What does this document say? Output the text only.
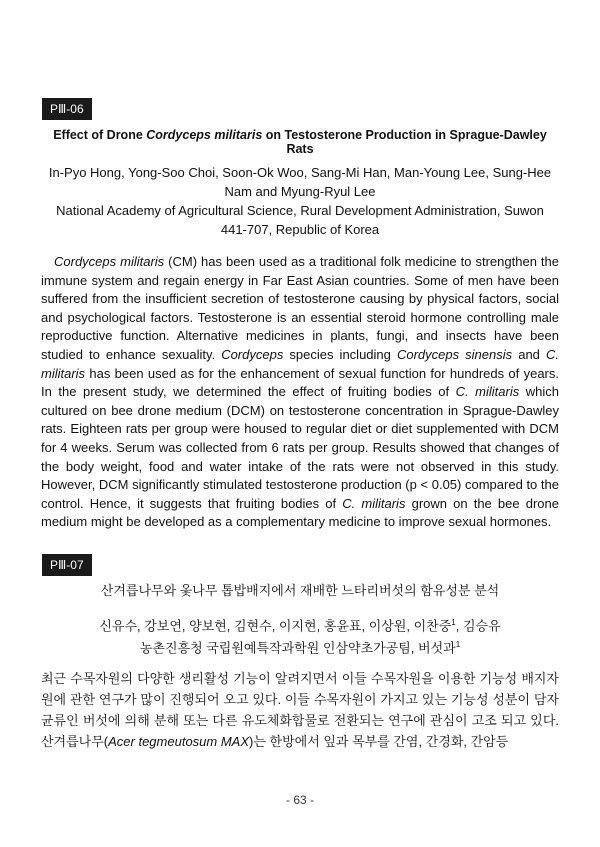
PⅢ-06
Effect of Drone Cordyceps militaris on Testosterone Production in Sprague-Dawley Rats
In-Pyo Hong, Yong-Soo Choi, Soon-Ok Woo, Sang-Mi Han, Man-Young Lee, Sung-Hee
Nam and Myung-Ryul Lee
National Academy of Agricultural Science, Rural Development Administration, Suwon
441-707, Republic of Korea
Cordyceps militaris (CM) has been used as a traditional folk medicine to strengthen the immune system and regain energy in Far East Asian countries. Some of men have been suffered from the insufficient secretion of testosterone causing by physical factors, social and psychological factors. Testosterone is an essential steroid hormone controlling male reproductive function. Alternative medicines in plants, fungi, and insects have been studied to enhance sexuality. Cordyceps species including Cordyceps sinensis and C. militaris has been used as for the enhancement of sexual function for hundreds of years. In the present study, we determined the effect of fruiting bodies of C. militaris which cultured on bee drone medium (DCM) on testosterone concentration in Sprague-Dawley rats. Eighteen rats per group were housed to regular diet or diet supplemented with DCM for 4 weeks. Serum was collected from 6 rats per group. Results showed that changes of the body weight, food and water intake of the rats were not observed in this study. However, DCM significantly stimulated testosterone production (p < 0.05) compared to the control. Hence, it suggests that fruiting bodies of C. militaris grown on the bee drone medium might be developed as a complementary medicine to improve sexual hormones.
PⅢ-07
산겨릅나무와 옻나무 톱밥배지에서 재배한 느타리버섯의 함유성분 분석
신유수, 강보연, 양보현, 김현수, 이지현, 홍윤표, 이상원, 이찬중$^1$, 김승유
농촌진흥청 국립원예특작과학원 인삼약초가공팀, 버섯과$^1$
최근 수목자원의 다양한 생리활성 기능이 알려지면서 이들 수목자원을 이용한 기능성 배지자원에 관한 연구가 많이 진행되어 오고 있다. 이들 수목자원이 가지고 있는 기능성 성분이 담자균류인 버섯에 의해 분해 또는 다른 유도체화합물로 전환되는 연구에 관심이 고조 되고 있다. 산겨릅나무(Acer tegmeutosum MAX)는 한방에서 잎과 목부를 간염, 간경화, 간암등
- 63 -
